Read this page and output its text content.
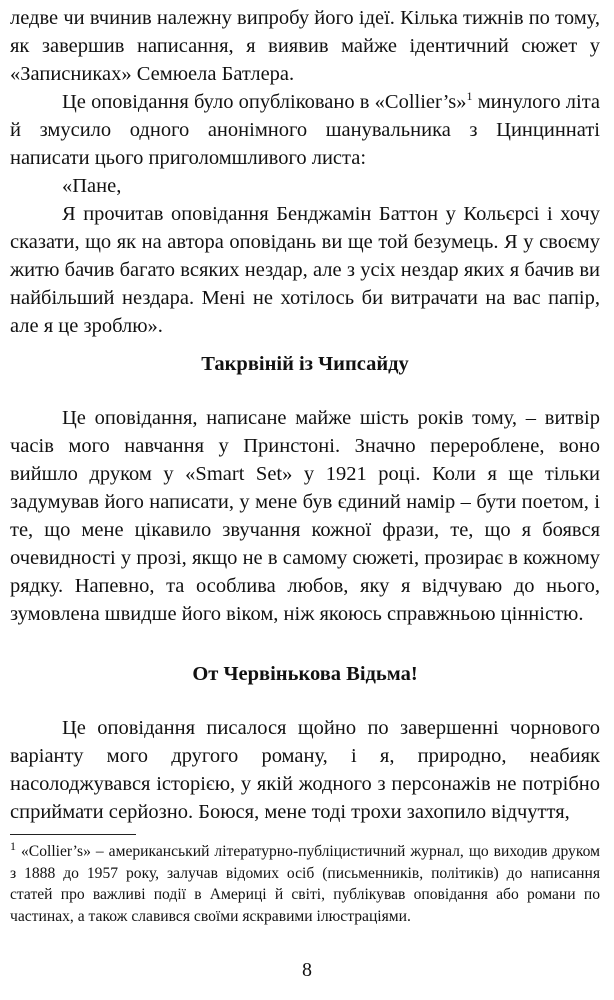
ледве чи вчинив належну випробу його ідеї. Кілька тижнів по тому, як завершив написання, я виявив майже ідентичний сюжет у «Записниках» Семюела Батлера.

Це оповідання було опубліковано в «Collier’s»$^1$ минулого літа й змусило одного анонімного шанувальника з Цинциннаті написати цього приголомшливого листа:

«Пане,

Я прочитав оповідання Бенджамін Баттон у Кольєрсі і хочу сказати, що як на автора оповідань ви ще той безумець. Я у своєму житю бачив багато всяких нездар, але з усіх нездар яких я бачив ви найбільший нездара. Мені не хотілось би витрачати на вас папір, але я це зроблю».

Такрвіній із Чипсайду

Це оповідання, написане майже шість років тому, – витвір часів мого навчання у Принстоні. Значно перероблене, воно вийшло друком у «Smart Set» у 1921 році. Коли я ще тільки задумував його написати, у мене був єдиний намір – бути поетом, і те, що мене цікавило звучання кожної фрази, те, що я боявся очевидності у прозі, якщо не в самому сюжеті, прозирає в кожному рядку. Напевно, та особлива любов, яку я відчуваю до нього, зумовлена швидше його віком, ніж якоюсь справжньою цінністю.

От Червінькова Відьма!

Це оповідання писалося щойно по завершенні чорнового варіанту мого другого роману, і я, природно, неабияк насолоджувався історією, у якій жодного з персонажів не потрібно сприймати серйозно. Боюся, мене тоді трохи захопило відчуття,

$^1$ «Collier’s» – американський літературно-публіцистичний журнал, що виходив друком з 1888 до 1957 року, залучав відомих осіб (письменників, політиків) до написання статей про важливі події в Америці й світі, публікував оповідання або романи по частинах, а також славився своїми яскравими ілюстраціями.
8
